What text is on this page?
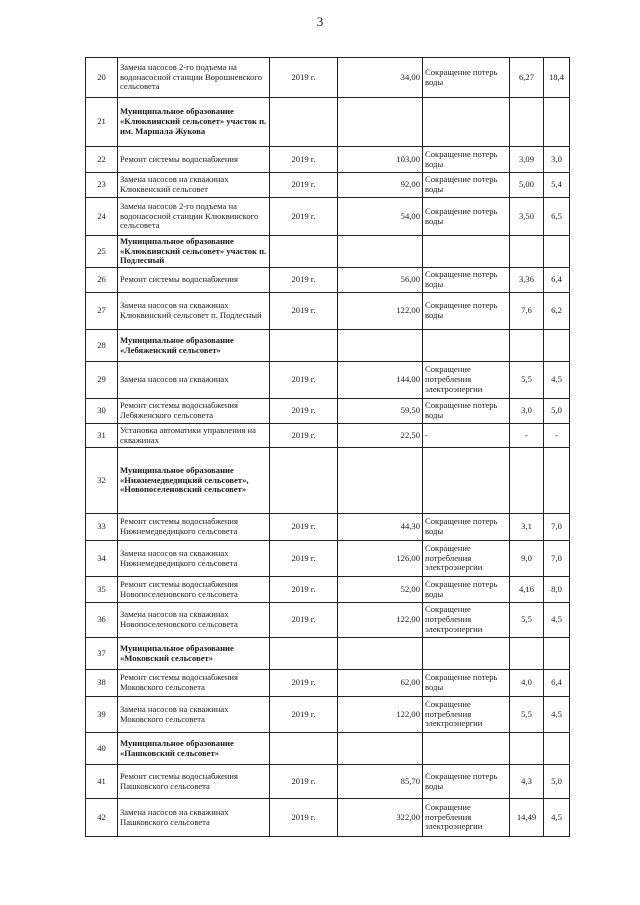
3
20	Замена насосов 2-го подъема на водонасосной станции Ворошневского сельсовета	2019 г.	34,00	Сокращение потерь воды	6,27	18,4
21	Муниципальное образование «Клюквинский сельсовет» участок п. им. Маршала Жукова					
22	Ремонт системы водоснабжения	2019 г.	103,00	Сокращение потерь воды	3,09	3,0
23	Замена насосов на скважинах Клюквенский сельсовет	2019 г.	92,00	Сокращение потерь воды	5,00	5,4
24	Замена насосов 2-го подъема на водонасосной станции Клюквинского сельсовета	2019 г.	54,00	Сокращение потерь воды	3,50	6,5
25	Муниципальное образование «Клюквинский сельсовет» участок п. Подлесный					
26	Ремонт системы водоснабжения	2019 г.	56,00	Сокращение потерь воды	3,36	6,4
27	Замена насосов на скважинах Клюквинский сельсовет п. Подлесный	2019 г.	122,00	Сокращение потерь воды	7,6	6,2
28	Муниципальное образование «Лебяженский сельсовет»					
29	Замена насосов на скважинах	2019 г.	144,00	Сокращение потребления электроэнергии	5,5	4,5
30	Ремонт системы водоснабжения Лебяженского сельсовета	2019 г.	59,50	Сокращение потерь воды	3,0	5,0
31	Установка автоматики управления на скважинах	2019 г.	22,50	-	-	-
32	Муниципальное образование «Нижнемедведицкий сельсовет», «Новопоселеновский сельсовет»					
33	Ремонт системы водоснабжения Нижнемедведицкого сельсовета	2019 г.	44,30	Сокращение потерь воды	3,1	7,0
34	Замена насосов на скважинах Нижнемедведицкого сельсовета	2019 г.	126,00	Сокращение потребления электроэнергии	9,0	7,0
35	Ремонт системы водоснабжения Новопоселеновского сельсовета	2019 г.	52,00	Сокращение потерь воды	4,16	8,0
36	Замена насосов на скважинах Новопоселеновского сельсовета	2019 г.	122,00	Сокращение потребления электроэнергии	5,5	4,5
37	Муниципальное образование «Моковский сельсовет»					
38	Ремонт системы водоснабжения Моковского сельсовета	2019 г.	62,00	Сокращение потерь воды	4,0	6,4
39	Замена насосов на скважинах Моковского сельсовета	2019 г.	122,00	Сокращение потребления электроэнергии	5,5	4,5
40	Муниципальное образование «Пашковский сельсовет»					
41	Ремонт системы водоснабжения Пашковского сельсовета	2019 г.	85,70	Сокращение потерь воды	4,3	5,0
42	Замена насосов на скважинах Пашковского сельсовета	2019 г.	322,00	Сокращение потребления электроэнергии	14,49	4,5
